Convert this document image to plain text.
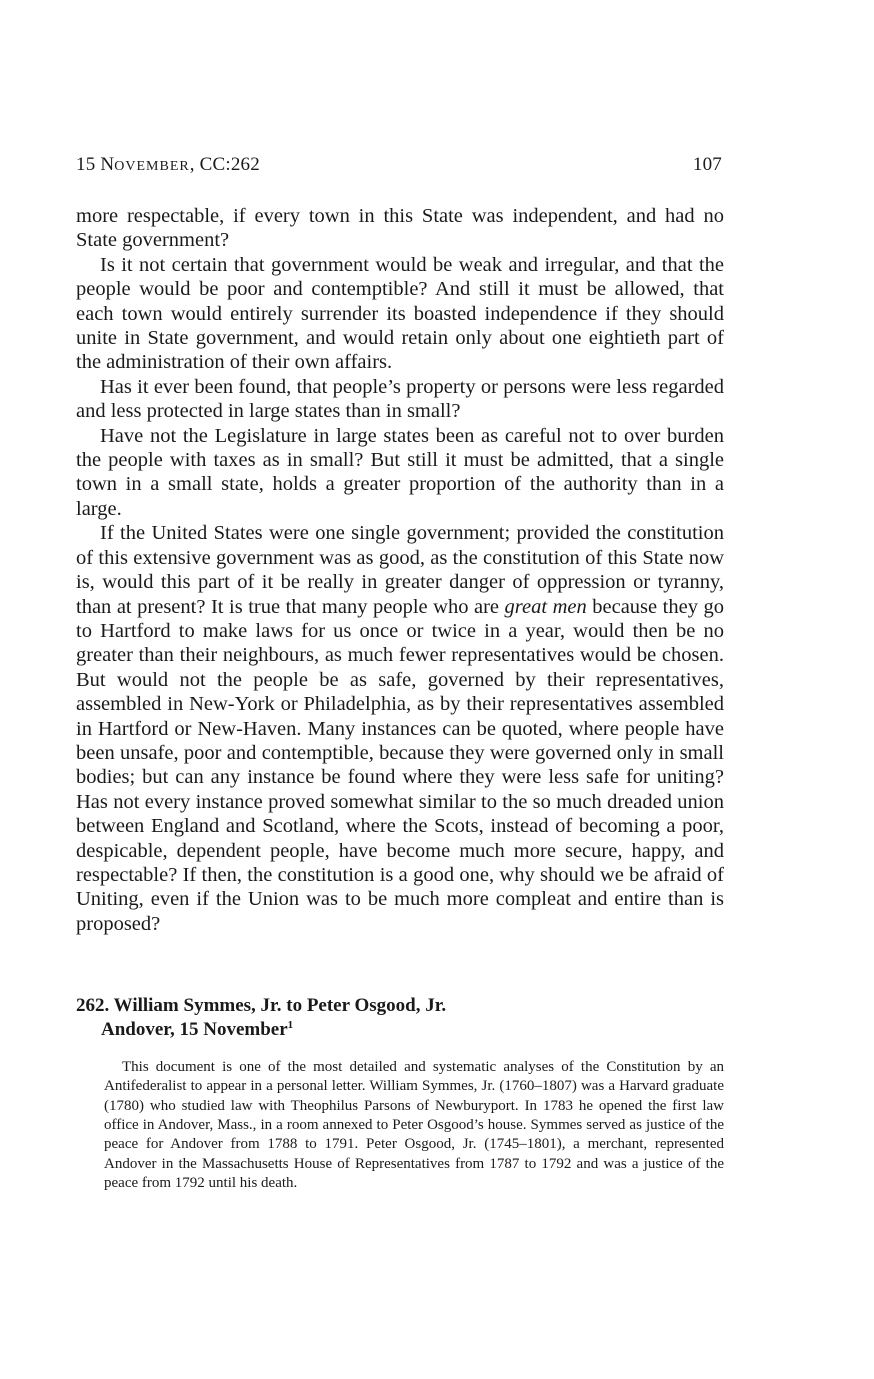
15 NOVEMBER, CC:262	107

more respectable, if every town in this State was independent, and had no State government?

Is it not certain that government would be weak and irregular, and that the people would be poor and contemptible? And still it must be allowed, that each town would entirely surrender its boasted independence if they should unite in State government, and would retain only about one eightieth part of the administration of their own affairs.

Has it ever been found, that people’s property or persons were less regarded and less protected in large states than in small?

Have not the Legislature in large states been as careful not to over burden the people with taxes as in small? But still it must be admitted, that a single town in a small state, holds a greater proportion of the authority than in a large.

If the United States were one single government; provided the constitution of this extensive government was as good, as the constitution of this State now is, would this part of it be really in greater danger of oppression or tyranny, than at present? It is true that many people who are great men because they go to Hartford to make laws for us once or twice in a year, would then be no greater than their neighbours, as much fewer representatives would be chosen. But would not the people be as safe, governed by their representatives, assembled in New-York or Philadelphia, as by their representatives assembled in Hartford or New-Haven. Many instances can be quoted, where people have been unsafe, poor and contemptible, because they were governed only in small bodies; but can any instance be found where they were less safe for uniting? Has not every instance proved somewhat similar to the so much dreaded union between England and Scotland, where the Scots, instead of becoming a poor, despicable, dependent people, have become much more secure, happy, and respectable? If then, the constitution is a good one, why should we be afraid of Uniting, even if the Union was to be much more compleat and entire than is proposed?

262. William Symmes, Jr. to Peter Osgood, Jr.
Andover, 15 November$^1$

This document is one of the most detailed and systematic analyses of the Constitution by an Antifederalist to appear in a personal letter. William Symmes, Jr. (1760–1807) was a Harvard graduate (1780) who studied law with Theophilus Parsons of Newburyport. In 1783 he opened the first law office in Andover, Mass., in a room annexed to Peter Osgood’s house. Symmes served as justice of the peace for Andover from 1788 to 1791. Peter Osgood, Jr. (1745–1801), a merchant, represented Andover in the Massachusetts House of Representatives from 1787 to 1792 and was a justice of the peace from 1792 until his death.
